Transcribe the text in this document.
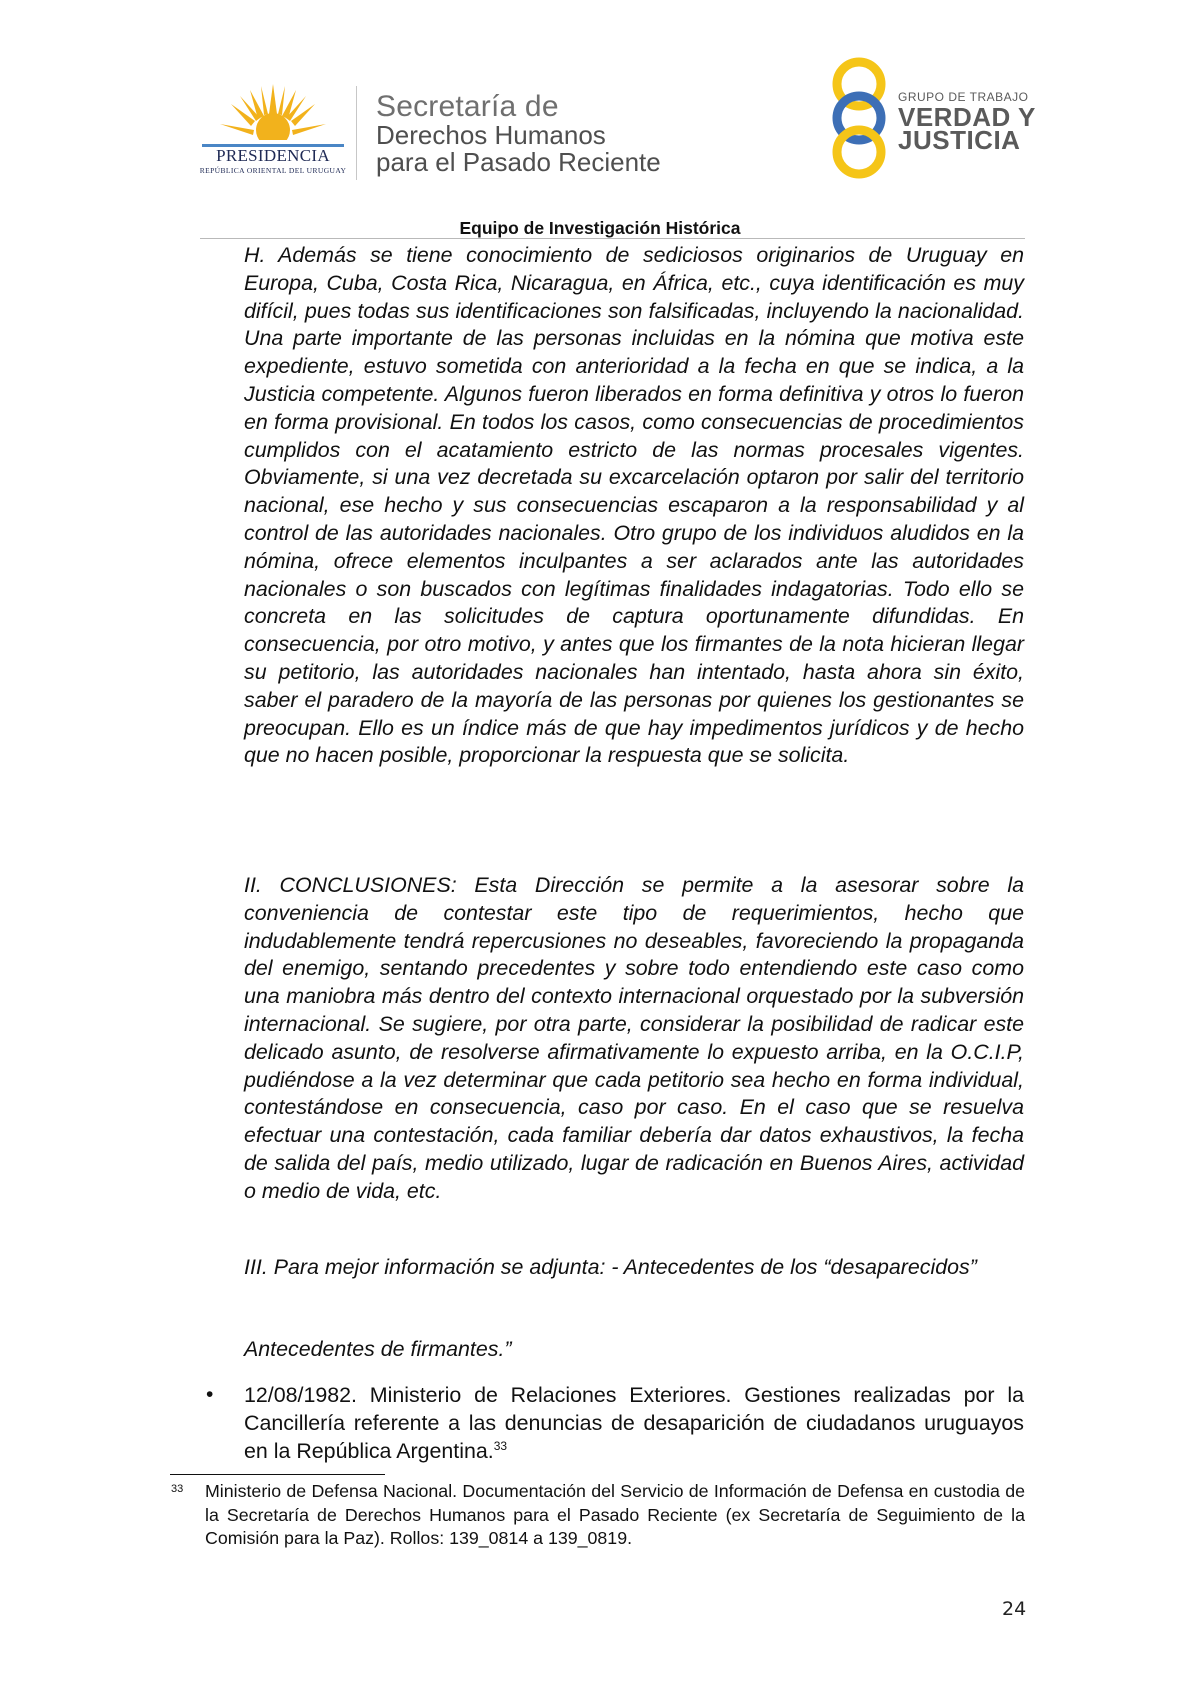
PRESIDENCIA
REPÚBLICA ORIENTAL DEL URUGUAY
Secretaría de
Derechos Humanos
para el Pasado Reciente
GRUPO DE TRABAJO
VERDAD Y
JUSTICIA
Equipo de Investigación Histórica

H. Además se tiene conocimiento de sediciosos originarios de Uruguay en Europa, Cuba, Costa Rica, Nicaragua, en África, etc., cuya identificación es muy difícil, pues todas sus identificaciones son falsificadas, incluyendo la nacionalidad. Una parte importante de las personas incluidas en la nómina que motiva este expediente, estuvo sometida con anterioridad a la fecha en que se indica, a la Justicia competente. Algunos fueron liberados en forma definitiva y otros lo fueron en forma provisional. En todos los casos, como consecuencias de procedimientos cumplidos con el acatamiento estricto de las normas procesales vigentes. Obviamente, si una vez decretada su excarcelación optaron por salir del territorio nacional, ese hecho y sus consecuencias escaparon a la responsabilidad y al control de las autoridades nacionales. Otro grupo de los individuos aludidos en la nómina, ofrece elementos inculpantes a ser aclarados ante las autoridades nacionales o son buscados con legítimas finalidades indagatorias. Todo ello se concreta en las solicitudes de captura oportunamente difundidas. En consecuencia, por otro motivo, y antes que los firmantes de la nota hicieran llegar su petitorio, las autoridades nacionales han intentado, hasta ahora sin éxito, saber el paradero de la mayoría de las personas por quienes los gestionantes se preocupan. Ello es un índice más de que hay impedimentos jurídicos y de hecho que no hacen posible, proporcionar la respuesta que se solicita.

II. CONCLUSIONES: Esta Dirección se permite a la asesorar sobre la conveniencia de contestar este tipo de requerimientos, hecho que indudablemente tendrá repercusiones no deseables, favoreciendo la propaganda del enemigo, sentando precedentes y sobre todo entendiendo este caso como una maniobra más dentro del contexto internacional orquestado por la subversión internacional. Se sugiere, por otra parte, considerar la posibilidad de radicar este delicado asunto, de resolverse afirmativamente lo expuesto arriba, en la O.C.I.P, pudiéndose a la vez determinar que cada petitorio sea hecho en forma individual, contestándose en consecuencia, caso por caso. En el caso que se resuelva efectuar una contestación, cada familiar debería dar datos exhaustivos, la fecha de salida del país, medio utilizado, lugar de radicación en Buenos Aires, actividad o medio de vida, etc.

III. Para mejor información se adjunta: - Antecedentes de los “desaparecidos”

Antecedentes de firmantes.”

• 12/08/1982. Ministerio de Relaciones Exteriores. Gestiones realizadas por la Cancillería referente a las denuncias de desaparición de ciudadanos uruguayos en la República Argentina.$^{33}$
33 Ministerio de Defensa Nacional. Documentación del Servicio de Información de Defensa en custodia de la Secretaría de Derechos Humanos para el Pasado Reciente (ex Secretaría de Seguimiento de la Comisión para la Paz). Rollos: 139_0814 a 139_0819.
24
